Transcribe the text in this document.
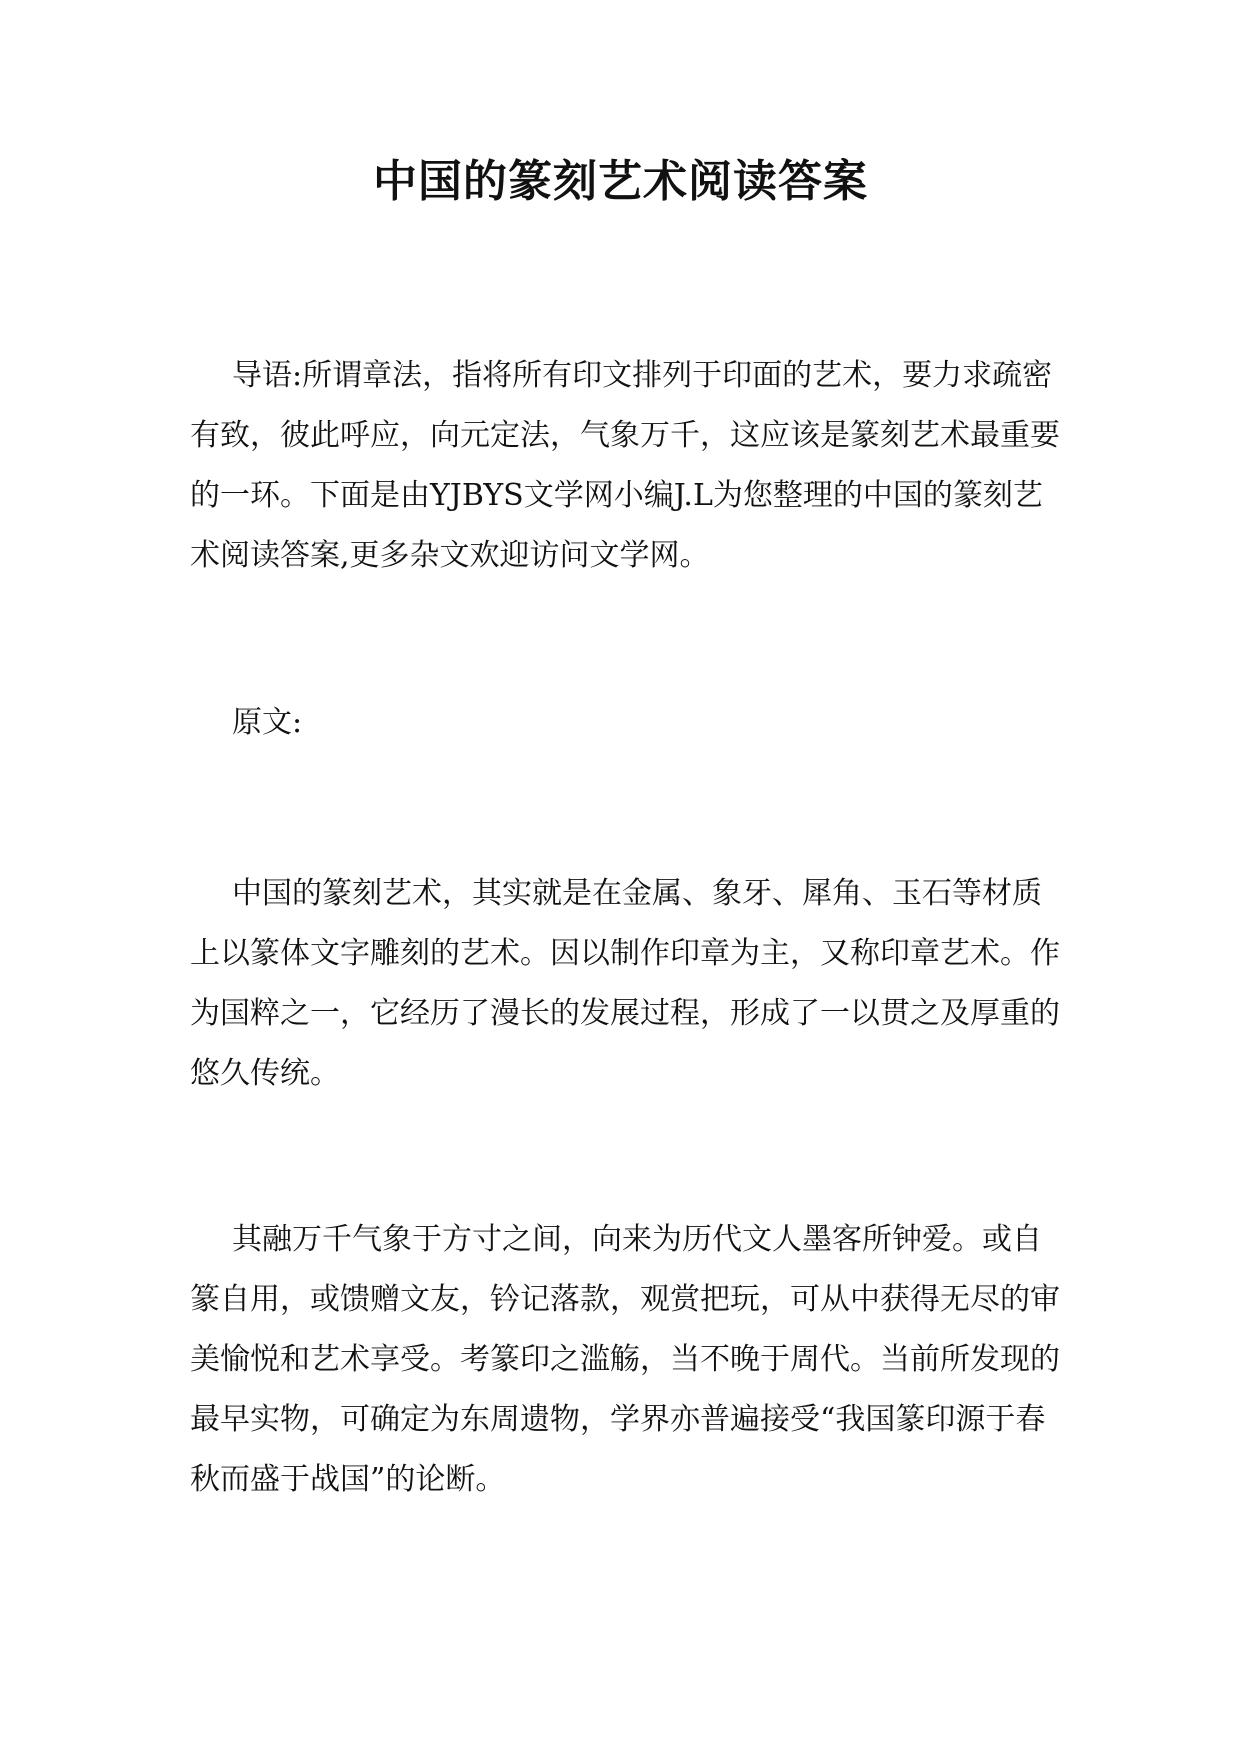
中国的篆刻艺术阅读答案

导语:所谓章法，指将所有印文排列于印面的艺术，要力求疏密有致，彼此呼应，向元定法，气象万千，这应该是篆刻艺术最重要的一环。下面是由YJBYS文学网小编J.L为您整理的中国的篆刻艺术阅读答案,更多杂文欢迎访问文学网。

原文:

中国的篆刻艺术，其实就是在金属、象牙、犀角、玉石等材质上以篆体文字雕刻的艺术。因以制作印章为主，又称印章艺术。作为国粹之一，它经历了漫长的发展过程，形成了一以贯之及厚重的悠久传统。

其融万千气象于方寸之间，向来为历代文人墨客所钟爱。或自篆自用，或馈赠文友，钤记落款，观赏把玩，可从中获得无尽的审美愉悦和艺术享受。考篆印之滥觞，当不晚于周代。当前所发现的最早实物，可确定为东周遗物，学界亦普遍接受“我国篆印源于春秋而盛于战国”的论断。
